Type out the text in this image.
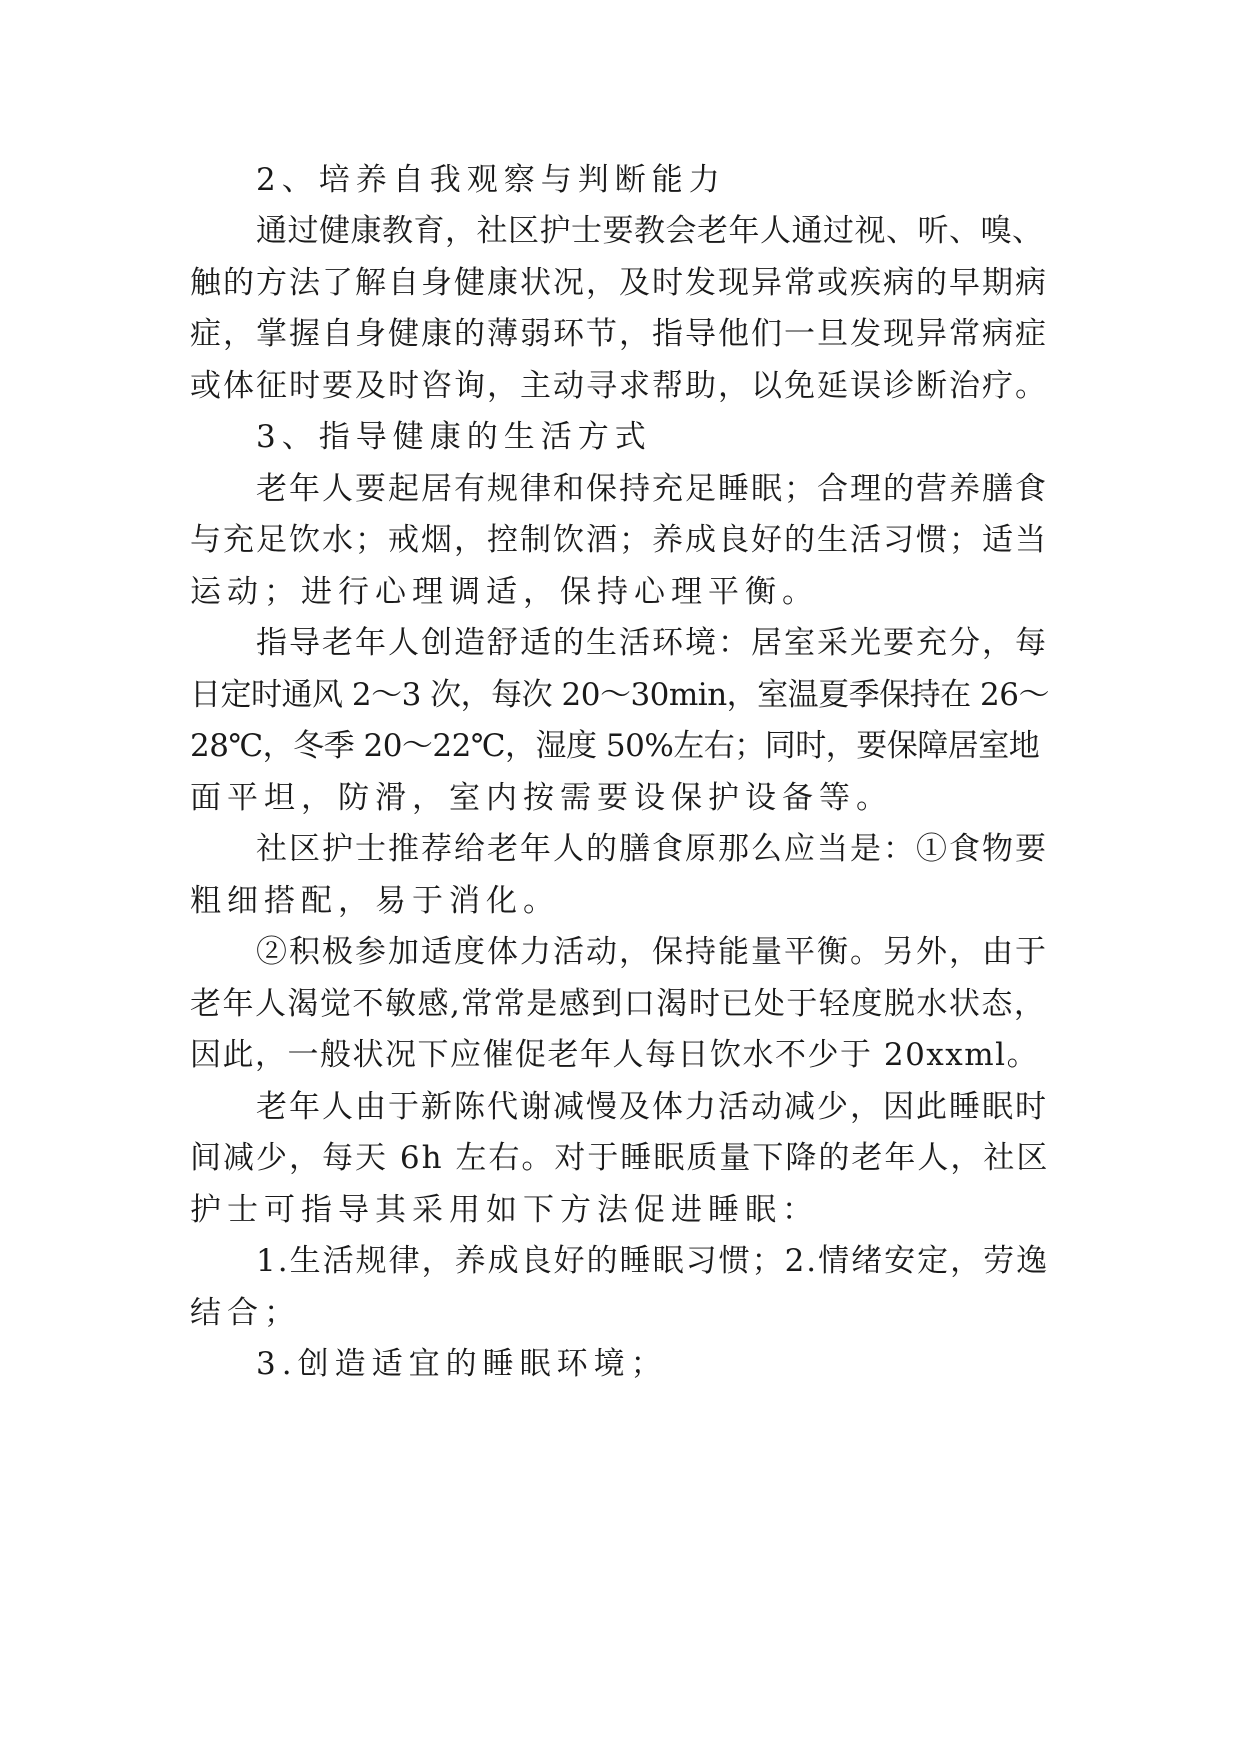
2、培养自我观察与判断能力
通过健康教育，社区护士要教会老年人通过视、听、嗅、
触的方法了解自身健康状况，及时发现异常或疾病的早期病
症，掌握自身健康的薄弱环节，指导他们一旦发现异常病症
或体征时要及时咨询，主动寻求帮助，以免延误诊断治疗。
3、指导健康的生活方式
老年人要起居有规律和保持充足睡眠；合理的营养膳食
与充足饮水；戒烟，控制饮酒；养成良好的生活习惯；适当
运动；进行心理调适，保持心理平衡。
指导老年人创造舒适的生活环境：居室采光要充分，每
日定时通风 2～3 次，每次 20～30min，室温夏季保持在 26～
28℃，冬季 20～22℃，湿度 50%左右；同时，要保障居室地
面平坦，防滑，室内按需要设保护设备等。
社区护士推荐给老年人的膳食原那么应当是：①食物要
粗细搭配，易于消化。
②积极参加适度体力活动，保持能量平衡。另外，由于
老年人渴觉不敏感,常常是感到口渴时已处于轻度脱水状态，
因此，一般状况下应催促老年人每日饮水不少于 20xxml。
老年人由于新陈代谢减慢及体力活动减少，因此睡眠时
间减少，每天 6h 左右。对于睡眠质量下降的老年人，社区
护士可指导其采用如下方法促进睡眠：
1.生活规律，养成良好的睡眠习惯；2.情绪安定，劳逸
结合；
3.创造适宜的睡眠环境；
